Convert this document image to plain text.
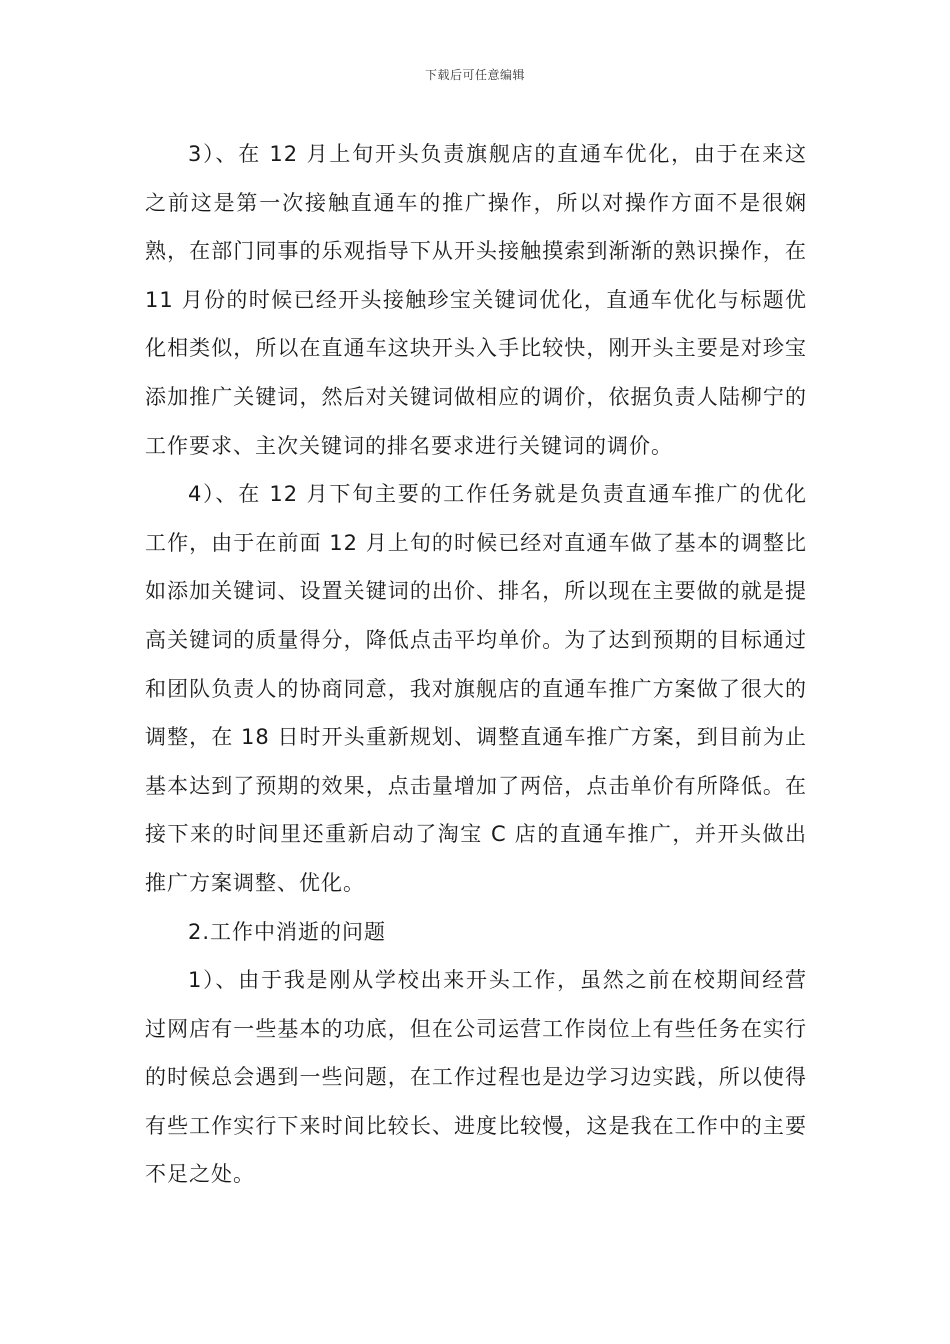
下载后可任意编辑

3）、在 12 月上旬开头负责旗舰店的直通车优化，由于在来这之前这是第一次接触直通车的推广操作，所以对操作方面不是很娴熟，在部门同事的乐观指导下从开头接触摸索到渐渐的熟识操作，在 11 月份的时候已经开头接触珍宝关键词优化，直通车优化与标题优化相类似，所以在直通车这块开头入手比较快，刚开头主要是对珍宝添加推广关键词，然后对关键词做相应的调价，依据负责人陆柳宁的工作要求、主次关键词的排名要求进行关键词的调价。

4）、在 12 月下旬主要的工作任务就是负责直通车推广的优化工作，由于在前面 12 月上旬的时候已经对直通车做了基本的调整比如添加关键词、设置关键词的出价、排名，所以现在主要做的就是提高关键词的质量得分，降低点击平均单价。为了达到预期的目标通过和团队负责人的协商同意，我对旗舰店的直通车推广方案做了很大的调整，在 18 日时开头重新规划、调整直通车推广方案，到目前为止基本达到了预期的效果，点击量增加了两倍，点击单价有所降低。在接下来的时间里还重新启动了淘宝 C 店的直通车推广，并开头做出推广方案调整、优化。

2.工作中消逝的问题

1）、由于我是刚从学校出来开头工作，虽然之前在校期间经营过网店有一些基本的功底，但在公司运营工作岗位上有些任务在实行的时候总会遇到一些问题，在工作过程也是边学习边实践，所以使得有些工作实行下来时间比较长、进度比较慢，这是我在工作中的主要不足之处。
